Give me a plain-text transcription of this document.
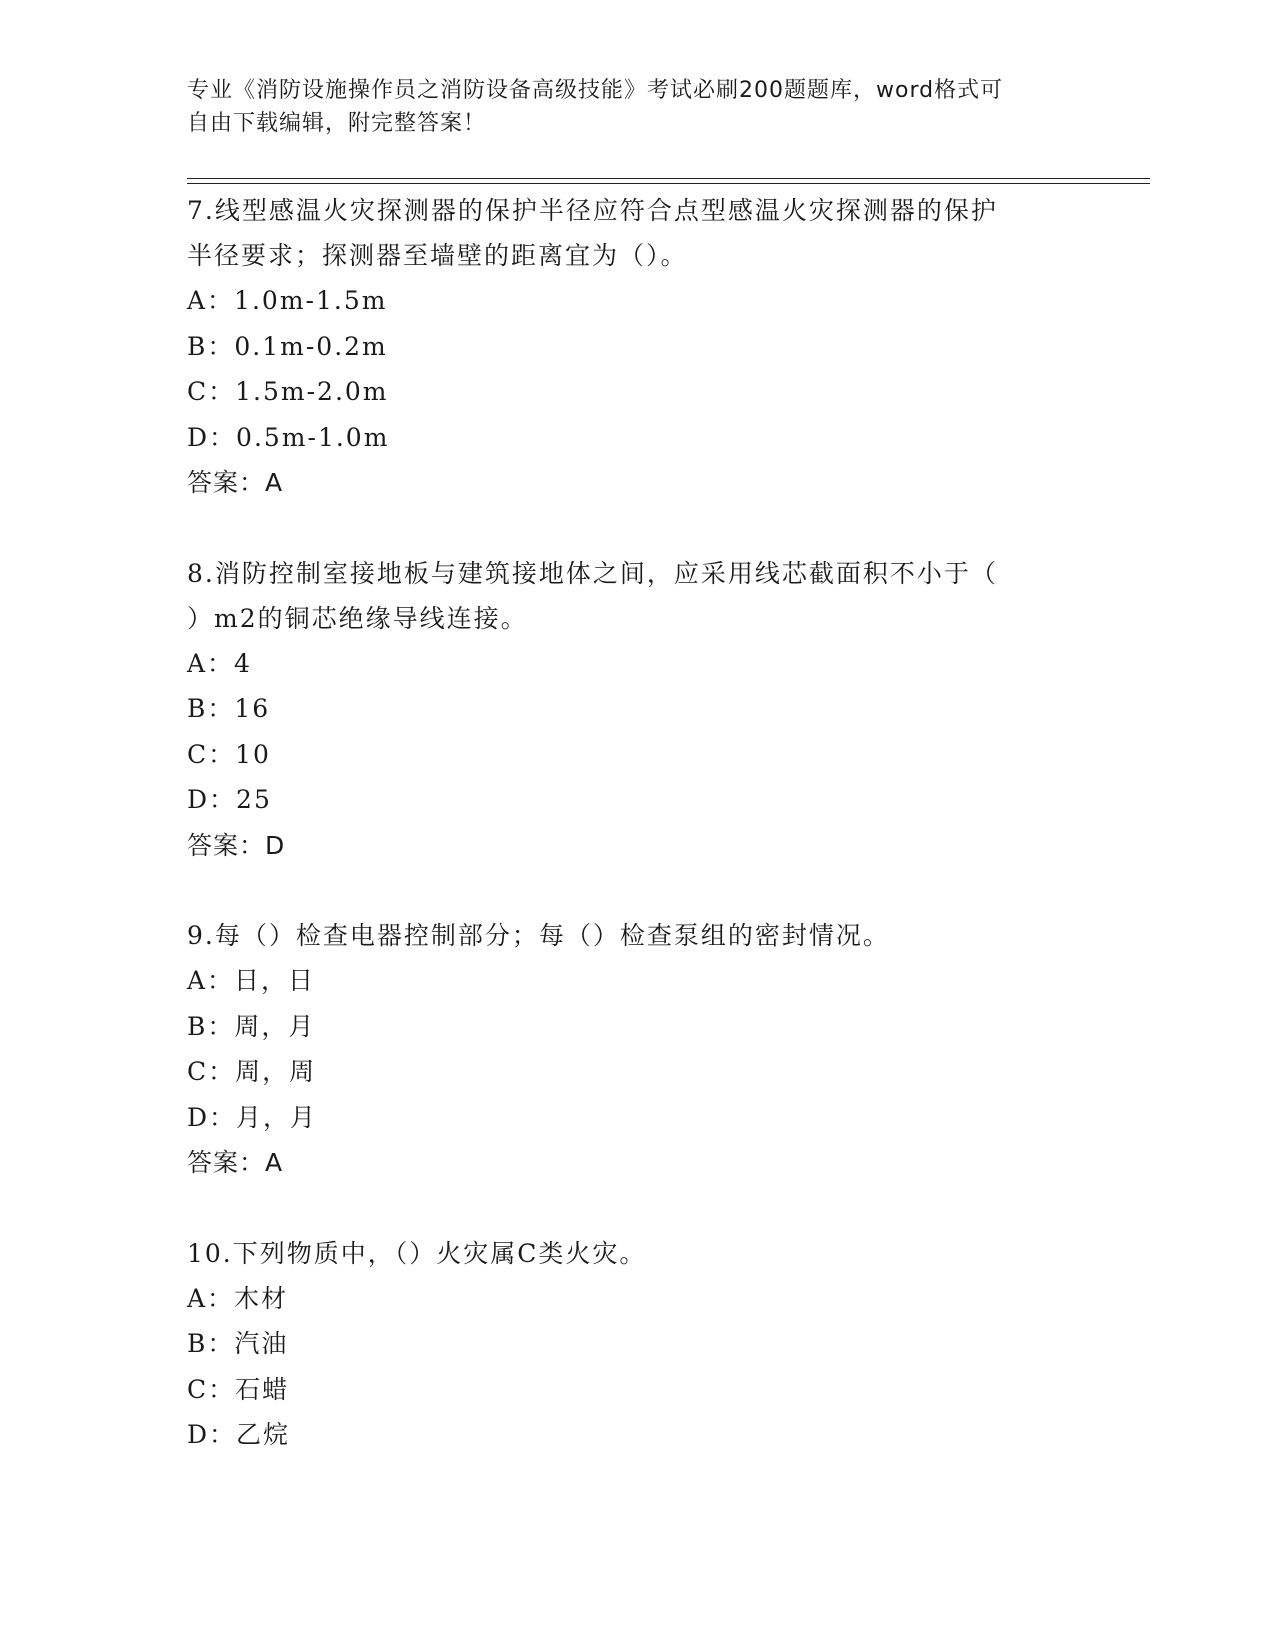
专业《消防设施操作员之消防设备高级技能》考试必刷200题题库，word格式可
自由下载编辑，附完整答案！
7.线型感温火灾探测器的保护半径应符合点型感温火灾探测器的保护
半径要求；探测器至墙壁的距离宜为（）。
A：1.0m-1.5m
B：0.1m-0.2m
C：1.5m-2.0m
D：0.5m-1.0m
答案：A
8.消防控制室接地板与建筑接地体之间，应采用线芯截面积不小于（
）m2的铜芯绝缘导线连接。
A：4
B：16
C：10
D：25
答案：D
9.每（）检查电器控制部分；每（）检查泵组的密封情况。
A：日，日
B：周，月
C：周，周
D：月，月
答案：A
10.下列物质中，（）火灾属C类火灾。
A：木材
B：汽油
C：石蜡
D：乙烷
